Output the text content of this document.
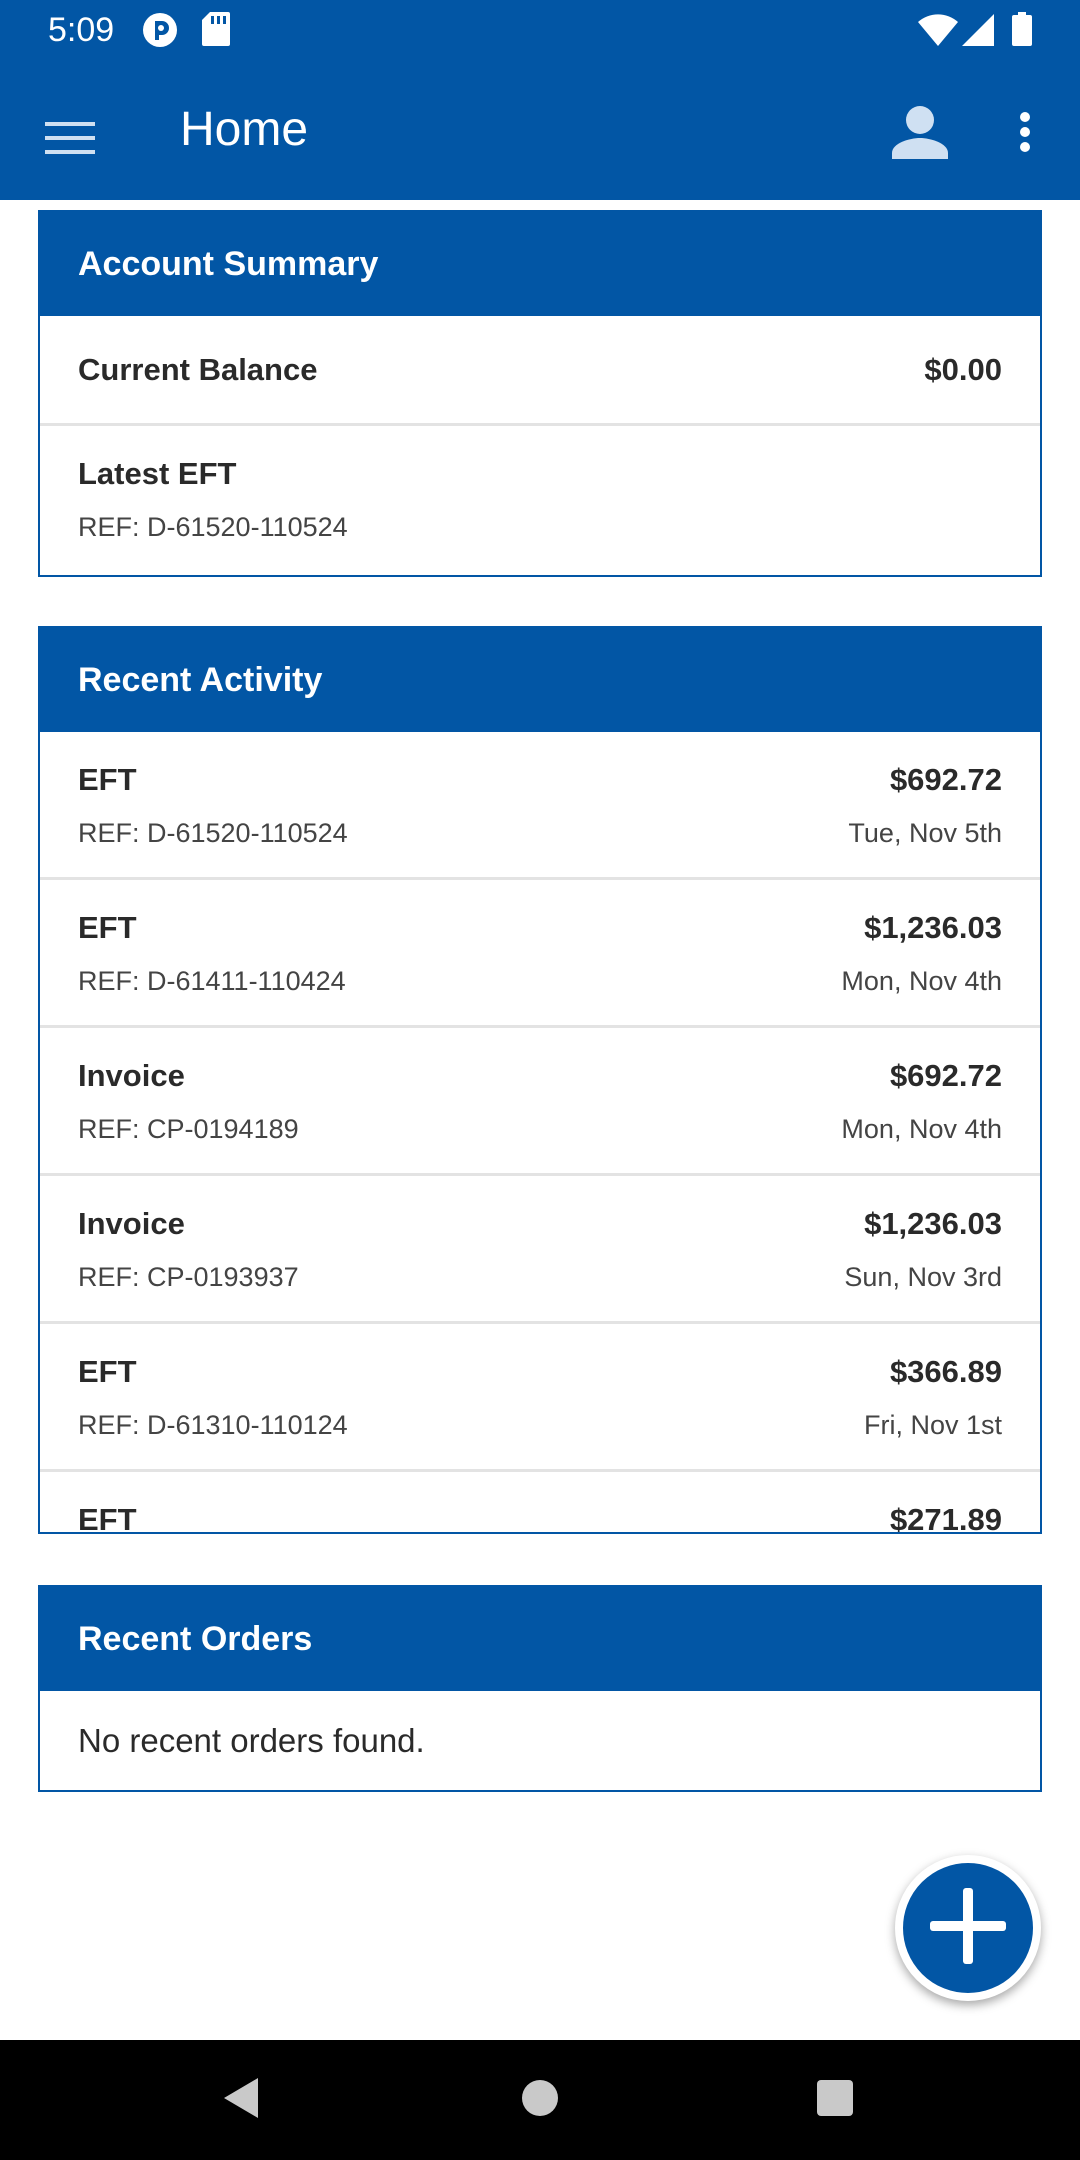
5:09
Home
Account Summary
Current Balance	$0.00
Latest EFT
REF: D-61520-110524
Recent Activity
EFT
REF: D-61520-110524
$692.72
Tue, Nov 5th
EFT
REF: D-61411-110424
$1,236.03
Mon, Nov 4th
Invoice
REF: CP-0194189
$692.72
Mon, Nov 4th
Invoice
REF: CP-0193937
$1,236.03
Sun, Nov 3rd
EFT
REF: D-61310-110124
$366.89
Fri, Nov 1st
EFT	$271.89
Recent Orders
No recent orders found.
